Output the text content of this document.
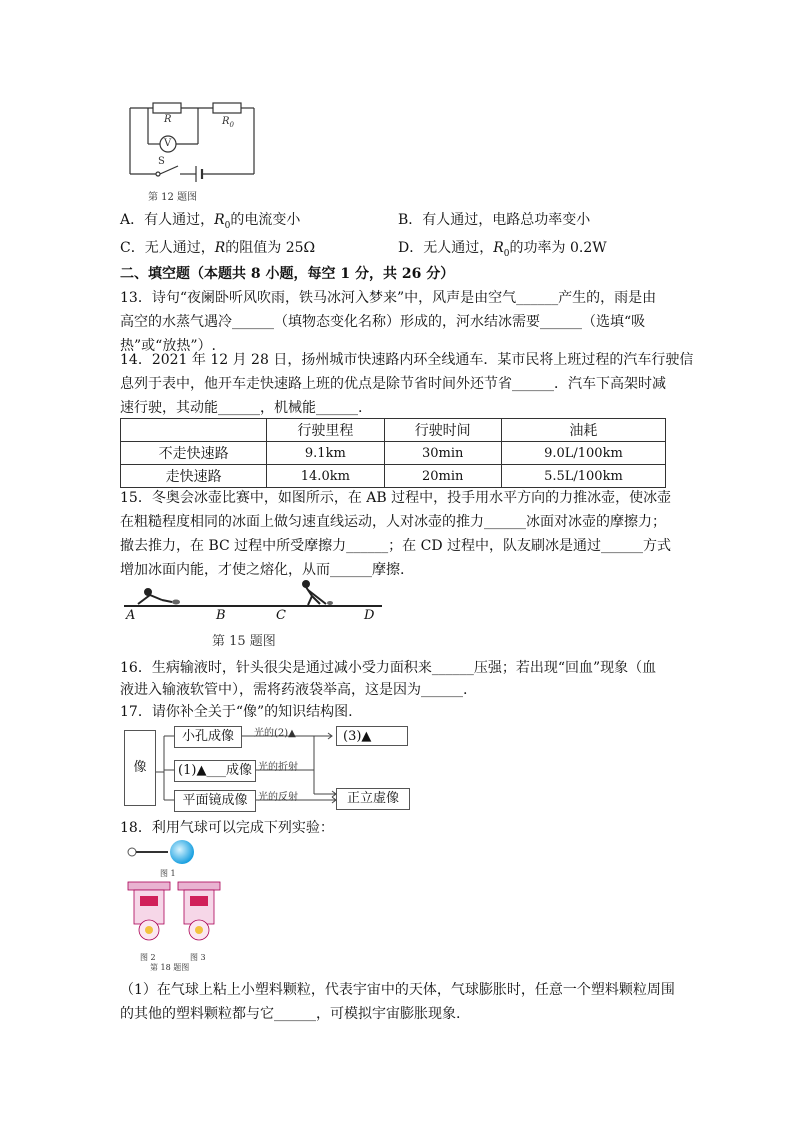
R	$R_0$
V
S
第 12 题图
A．有人通过，$R_0$的电流变小	B．有人通过，电路总功率变小
C．无人通过，R的阻值为 25Ω	D．无人通过，$R_0$的功率为 0.2W
二、填空题（本题共 8 小题，每空 1 分，共 26 分）
13．诗句“夜阑卧听风吹雨，铁马冰河入梦来”中，风声是由空气______产生的，雨是由
高空的水蒸气遇冷______（填物态变化名称）形成的，河水结冰需要______（选填“吸
热”或“放热”）.
14．2021 年 12 月 28 日，扬州城市快速路内环全线通车．某市民将上班过程的汽车行驶信
息列于表中，他开车走快速路上班的优点是除节省时间外还节省______．汽车下高架时减
速行驶，其动能______，机械能______.
	行驶里程	行驶时间	油耗
不走快速路	9.1km	30min	9.0L/100km
走快速路	14.0km	20min	5.5L/100km
15．冬奥会冰壶比赛中，如图所示，在 AB 过程中，投手用水平方向的力推冰壶，使冰壶
在粗糙程度相同的冰面上做匀速直线运动，人对冰壶的推力______冰面对冰壶的摩擦力；
撤去推力，在 BC 过程中所受摩擦力______；在 CD 过程中，队友刷冰是通过______方式
增加冰面内能，才使之熔化，从而______摩擦.
A	B	C	D
第 15 题图
16．生病输液时，针头很尖是通过减小受力面积来______压强；若出现“回血”现象（血
液进入输液软管中），需将药液袋举高，这是因为______.
17．请你补全关于“像”的知识结构图.
像
小孔成像
(1)▲___成像
平面镜成像
光的(2)▲
光的折射
光的反射
(3)▲
正立虚像
18．利用气球可以完成下列实验：
图 1
图 2	图 3
第 18 题图
（1）在气球上粘上小塑料颗粒，代表宇宙中的天体，气球膨胀时，任意一个塑料颗粒周围
的其他的塑料颗粒都与它______，可模拟宇宙膨胀现象.
